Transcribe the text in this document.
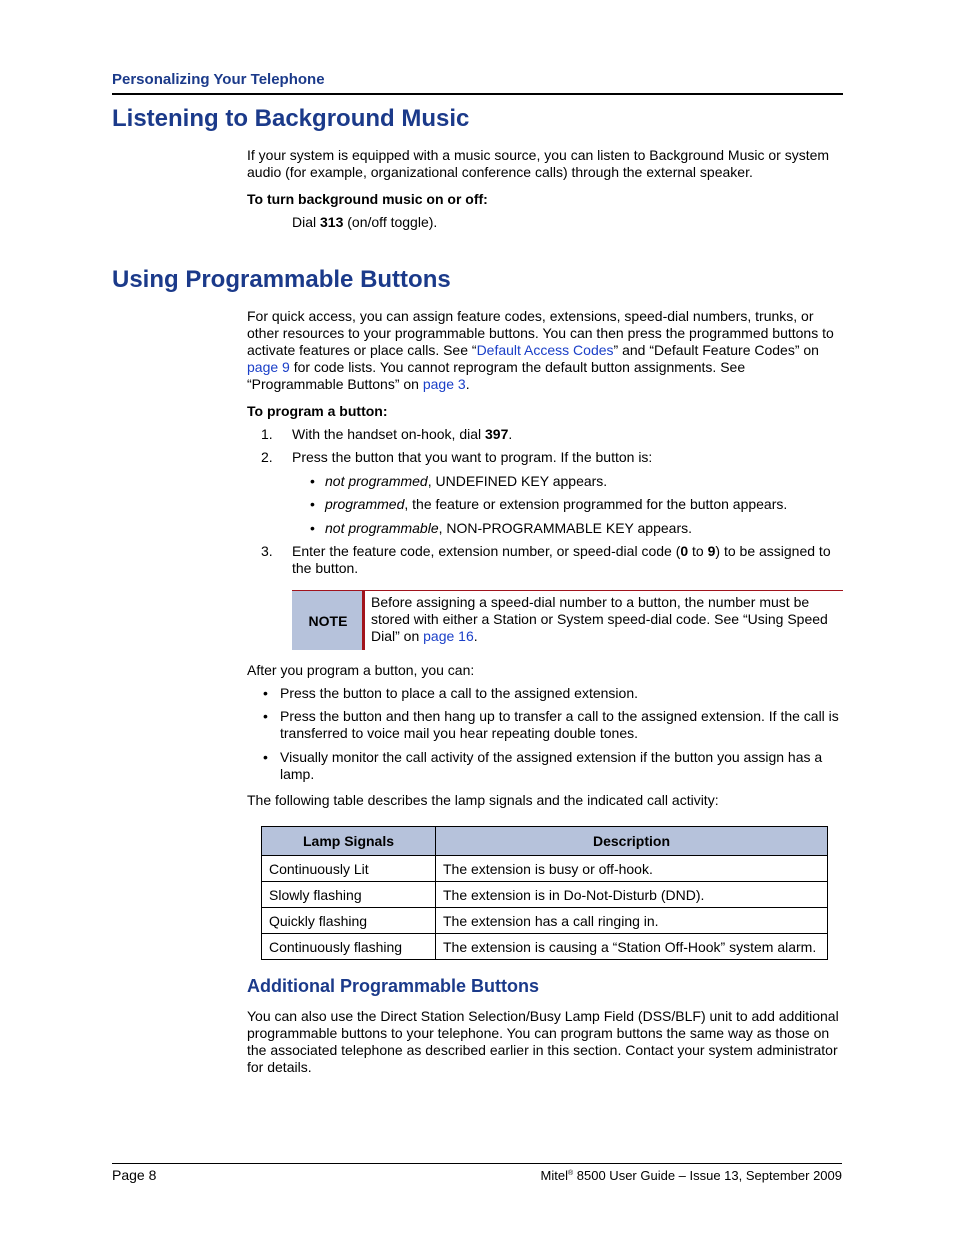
Personalizing Your Telephone
Listening to Background Music
If your system is equipped with a music source, you can listen to Background Music or system
audio (for example, organizational conference calls) through the external speaker.
To turn background music on or off:
Dial 313 (on/off toggle).
Using Programmable Buttons
For quick access, you can assign feature codes, extensions, speed-dial numbers, trunks, or
other resources to your programmable buttons. You can then press the programmed buttons to
activate features or place calls. See “Default Access Codes” and “Default Feature Codes” on
page 9 for code lists. You cannot reprogram the default button assignments. See
“Programmable Buttons” on page 3.
To program a button:
1. With the handset on-hook, dial 397.
2. Press the button that you want to program. If the button is:
• not programmed, UNDEFINED KEY appears.
• programmed, the feature or extension programmed for the button appears.
• not programmable, NON-PROGRAMMABLE KEY appears.
3. Enter the feature code, extension number, or speed-dial code (0 to 9) to be assigned to
the button.
NOTE
Before assigning a speed-dial number to a button, the number must be
stored with either a Station or System speed-dial code. See “Using Speed
Dial” on page 16.
After you program a button, you can:
• Press the button to place a call to the assigned extension.
• Press the button and then hang up to transfer a call to the assigned extension. If the call is
transferred to voice mail you hear repeating double tones.
• Visually monitor the call activity of the assigned extension if the button you assign has a
lamp.
The following table describes the lamp signals and the indicated call activity:
Lamp Signals	Description
Continuously Lit	The extension is busy or off-hook.
Slowly flashing	The extension is in Do-Not-Disturb (DND).
Quickly flashing	The extension has a call ringing in.
Continuously flashing	The extension is causing a “Station Off-Hook” system alarm.
Additional Programmable Buttons
You can also use the Direct Station Selection/Busy Lamp Field (DSS/BLF) unit to add additional
programmable buttons to your telephone. You can program buttons the same way as those on
the associated telephone as described earlier in this section. Contact your system administrator
for details.
Page 8	Mitel® 8500 User Guide – Issue 13, September 2009
